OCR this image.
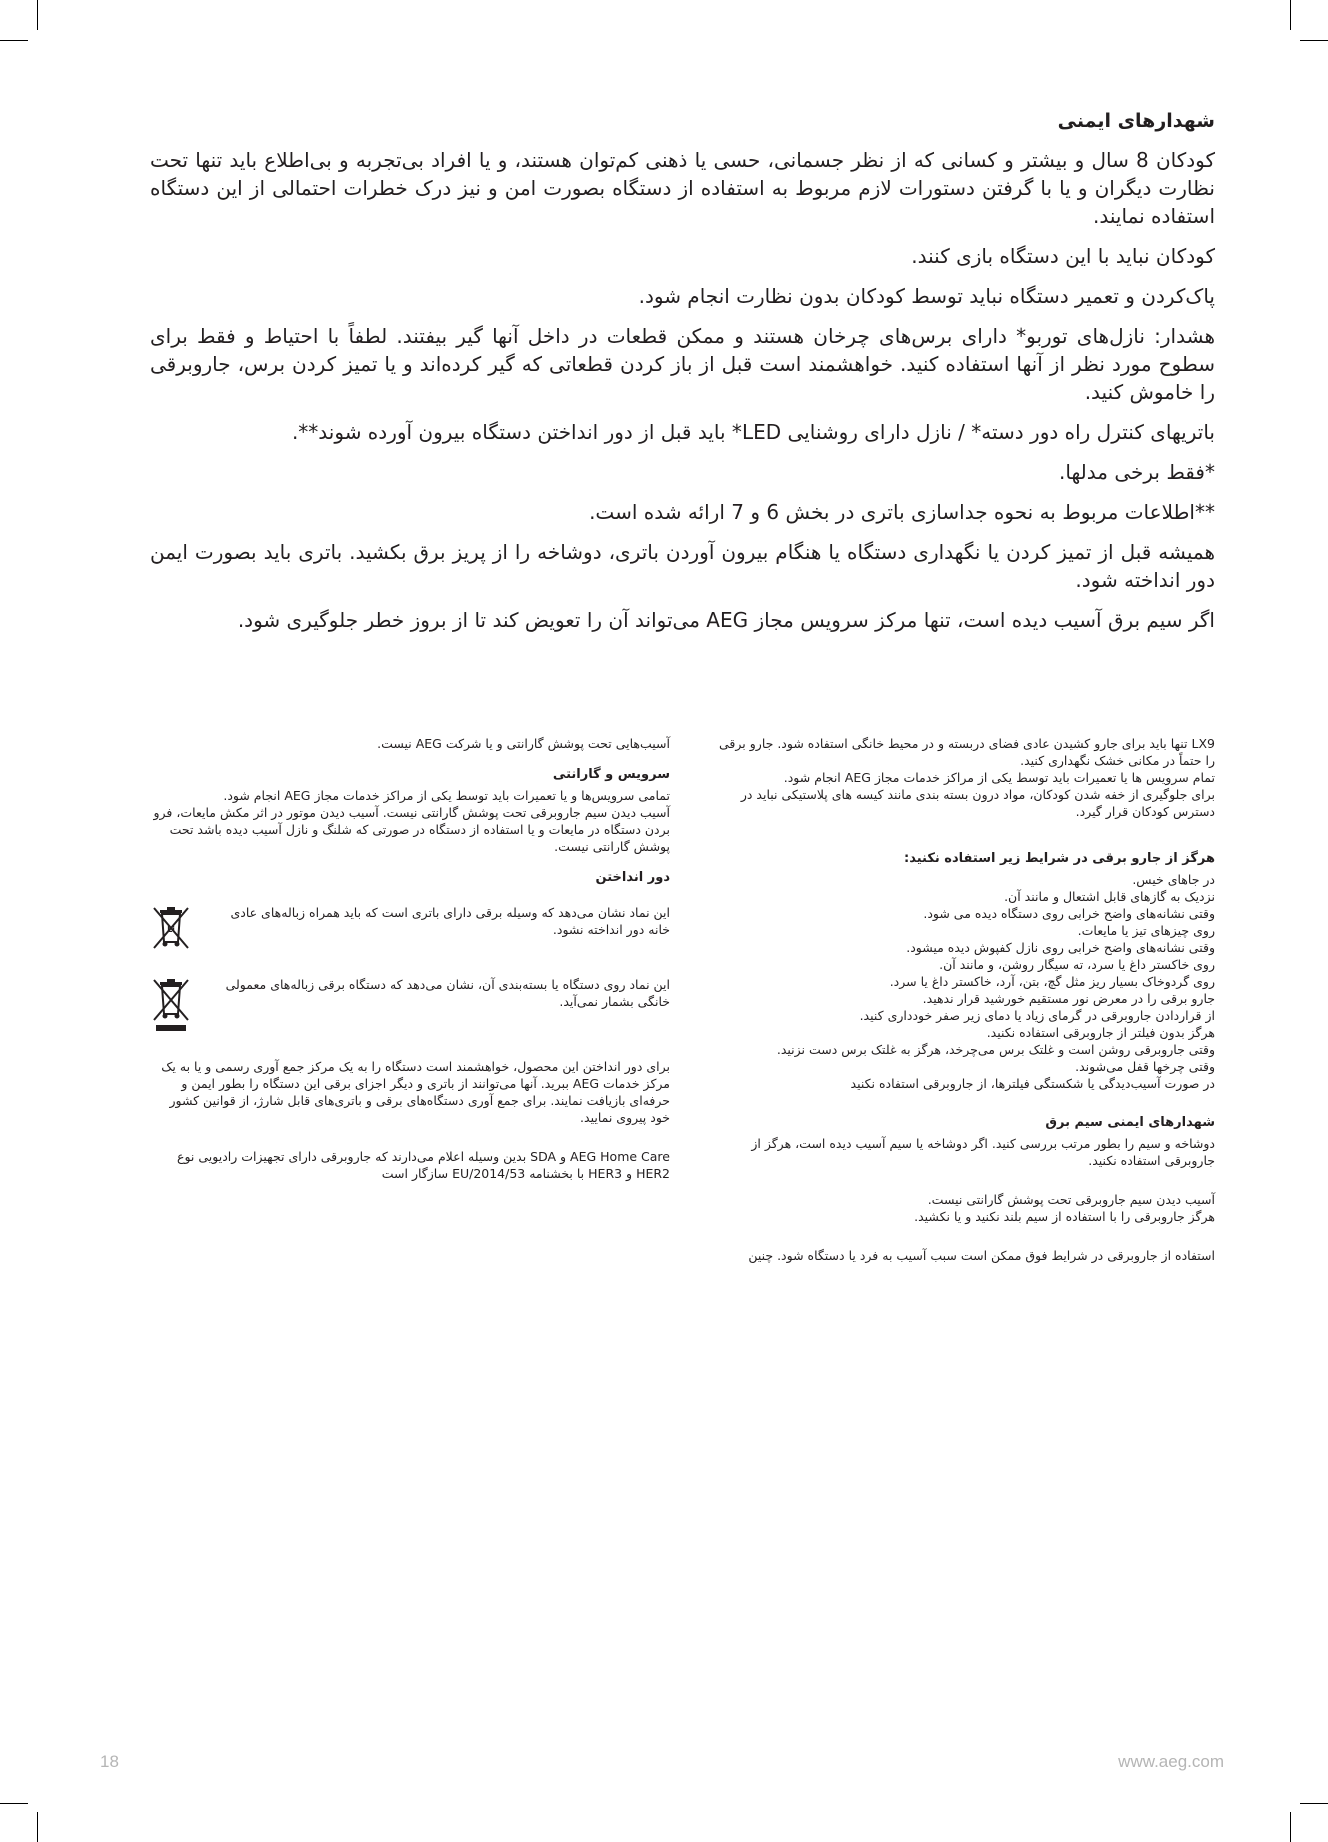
شهدارهای ایمنی

کودکان 8 سال و بیشتر و کسانی که از نظر جسمانی، حسی یا ذهنی کم‌توان هستند، و یا افراد بی‌تجربه و بی‌اطلاع باید تنها تحت نظارت دیگران و یا با گرفتن دستورات لازم مربوط به استفاده از دستگاه بصورت امن و نیز درک خطرات احتمالی از این دستگاه استفاده نمایند.

کودکان نباید با این دستگاه بازی کنند.

پاک‌کردن و تعمیر دستگاه نباید توسط کودکان بدون نظارت انجام شود.

هشدار: نازل‌های توربو* دارای برس‌های چرخان هستند و ممکن قطعات در داخل آنها گیر بیفتند. لطفاً با احتیاط و فقط برای سطوح مورد نظر از آنها استفاده کنید. خواهشمند است قبل از باز کردن قطعاتی که گیر کرده‌اند و یا تمیز کردن برس، جاروبرقی را خاموش کنید.

باتریهای کنترل راه دور دسته* / نازل دارای روشنایی LED* باید قبل از دور انداختن دستگاه بیرون آورده شوند**.

*فقط برخی مدلها.

**اطلاعات مربوط به نحوه جداسازی باتری در بخش 6 و 7 ارائه شده است.

همیشه قبل از تمیز کردن یا نگهداری دستگاه یا هنگام بیرون آوردن باتری، دوشاخه را از پریز برق بکشید. باتری باید بصورت ایمن دور انداخته شود.

اگر سیم برق آسیب دیده است، تنها مرکز سرویس مجاز AEG می‌تواند آن را تعویض کند تا از بروز خطر جلوگیری شود.

LX9 تنها باید برای جارو کشیدن عادی فضای دربسته و در محیط خانگی استفاده شود. جارو برقی را حتماً در مکانی خشک نگهداری کنید.

تمام سرویس ها یا تعمیرات باید توسط یکی از مراکز خدمات مجاز AEG انجام شود.

برای جلوگیری از خفه شدن کودکان، مواد درون بسته بندی مانند کیسه های پلاستیکی نباید در دسترس کودکان قرار گیرد.

هرگز از جارو برقی در شرایط زیر استفاده نکنید:

در جاهای خیس.

نزدیک به گازهای قابل اشتعال و مانند آن.

وقتی نشانه‌های واضح خرابی روی دستگاه دیده می شود.

روی چیزهای تیز یا مایعات.

وقتی نشانه‌های واضح خرابی روی نازل کفپوش دیده میشود.

روی خاکستر داغ یا سرد، ته سیگار روشن، و مانند آن.

روی گردوخاک بسیار ریز مثل گچ، بتن، آرد، خاکستر داغ یا سرد.

جارو برقی را در معرض نور مستقیم خورشید قرار ندهید.

از قراردادن جاروبرقی در گرمای زیاد یا دمای زیر صفر خودداری کنید.

هرگز بدون فیلتر از جاروبرقی استفاده نکنید.

وقتی جاروبرقی روشن است و غلتک برس می‌چرخد، هرگز به غلتک برس دست نزنید.

وقتی چرخها قفل می‌شوند.

در صورت آسیب‌دیدگی یا شکستگی فیلترها، از جاروبرقی استفاده نکنید

شهدارهای ایمنی سیم برق

دوشاخه و سیم را بطور مرتب بررسی کنید. اگر دوشاخه یا سیم آسیب دیده است، هرگز از جاروبرقی استفاده نکنید.

آسیب دیدن سیم جاروبرقی تحت پوشش گارانتی نیست.

هرگز جاروبرقی را با استفاده از سیم بلند نکنید و یا نکشید.

استفاده از جاروبرقی در شرایط فوق ممکن است سبب آسیب به فرد یا دستگاه شود. چنین

آسیب‌هایی تحت پوشش گارانتی و یا شرکت AEG نیست.

سرویس و گارانتی

تمامی سرویس‌ها و یا تعمیرات باید توسط یکی از مراکز خدمات مجاز AEG انجام شود.

آسیب دیدن سیم جاروبرقی تحت پوشش گارانتی نیست. آسیب دیدن موتور در اثر مکش مایعات، فرو بردن دستگاه در مایعات و یا استفاده از دستگاه در صورتی که شلنگ و نازل آسیب دیده باشد تحت پوشش گارانتی نیست.

دور انداختن

این نماد نشان می‌دهد که وسیله برقی دارای باتری است که باید همراه زباله‌های عادی خانه دور انداخته نشود.

Li

این نماد روی دستگاه یا بسته‌بندی آن، نشان می‌دهد که دستگاه برقی زباله‌های معمولی خانگی بشمار نمی‌آید.

برای دور انداختن این محصول، خواهشمند است دستگاه را به یک مرکز جمع آوری رسمی و یا به یک مرکز خدمات AEG ببرید. آنها می‌توانند از باتری و دیگر اجزای برقی این دستگاه را بطور ایمن و حرفه‌ای بازیافت نمایند. برای جمع آوری دستگاه‌های برقی و باتری‌های قابل شارژ، از قوانین کشور خود پیروی نمایید.

AEG Home Care و SDA بدین وسیله اعلام می‌دارند که جاروبرقی دارای تجهیزات رادیویی نوع HER2 و HER3 با بخشنامه EU/2014/53 سازگار است

18	www.aeg.com
